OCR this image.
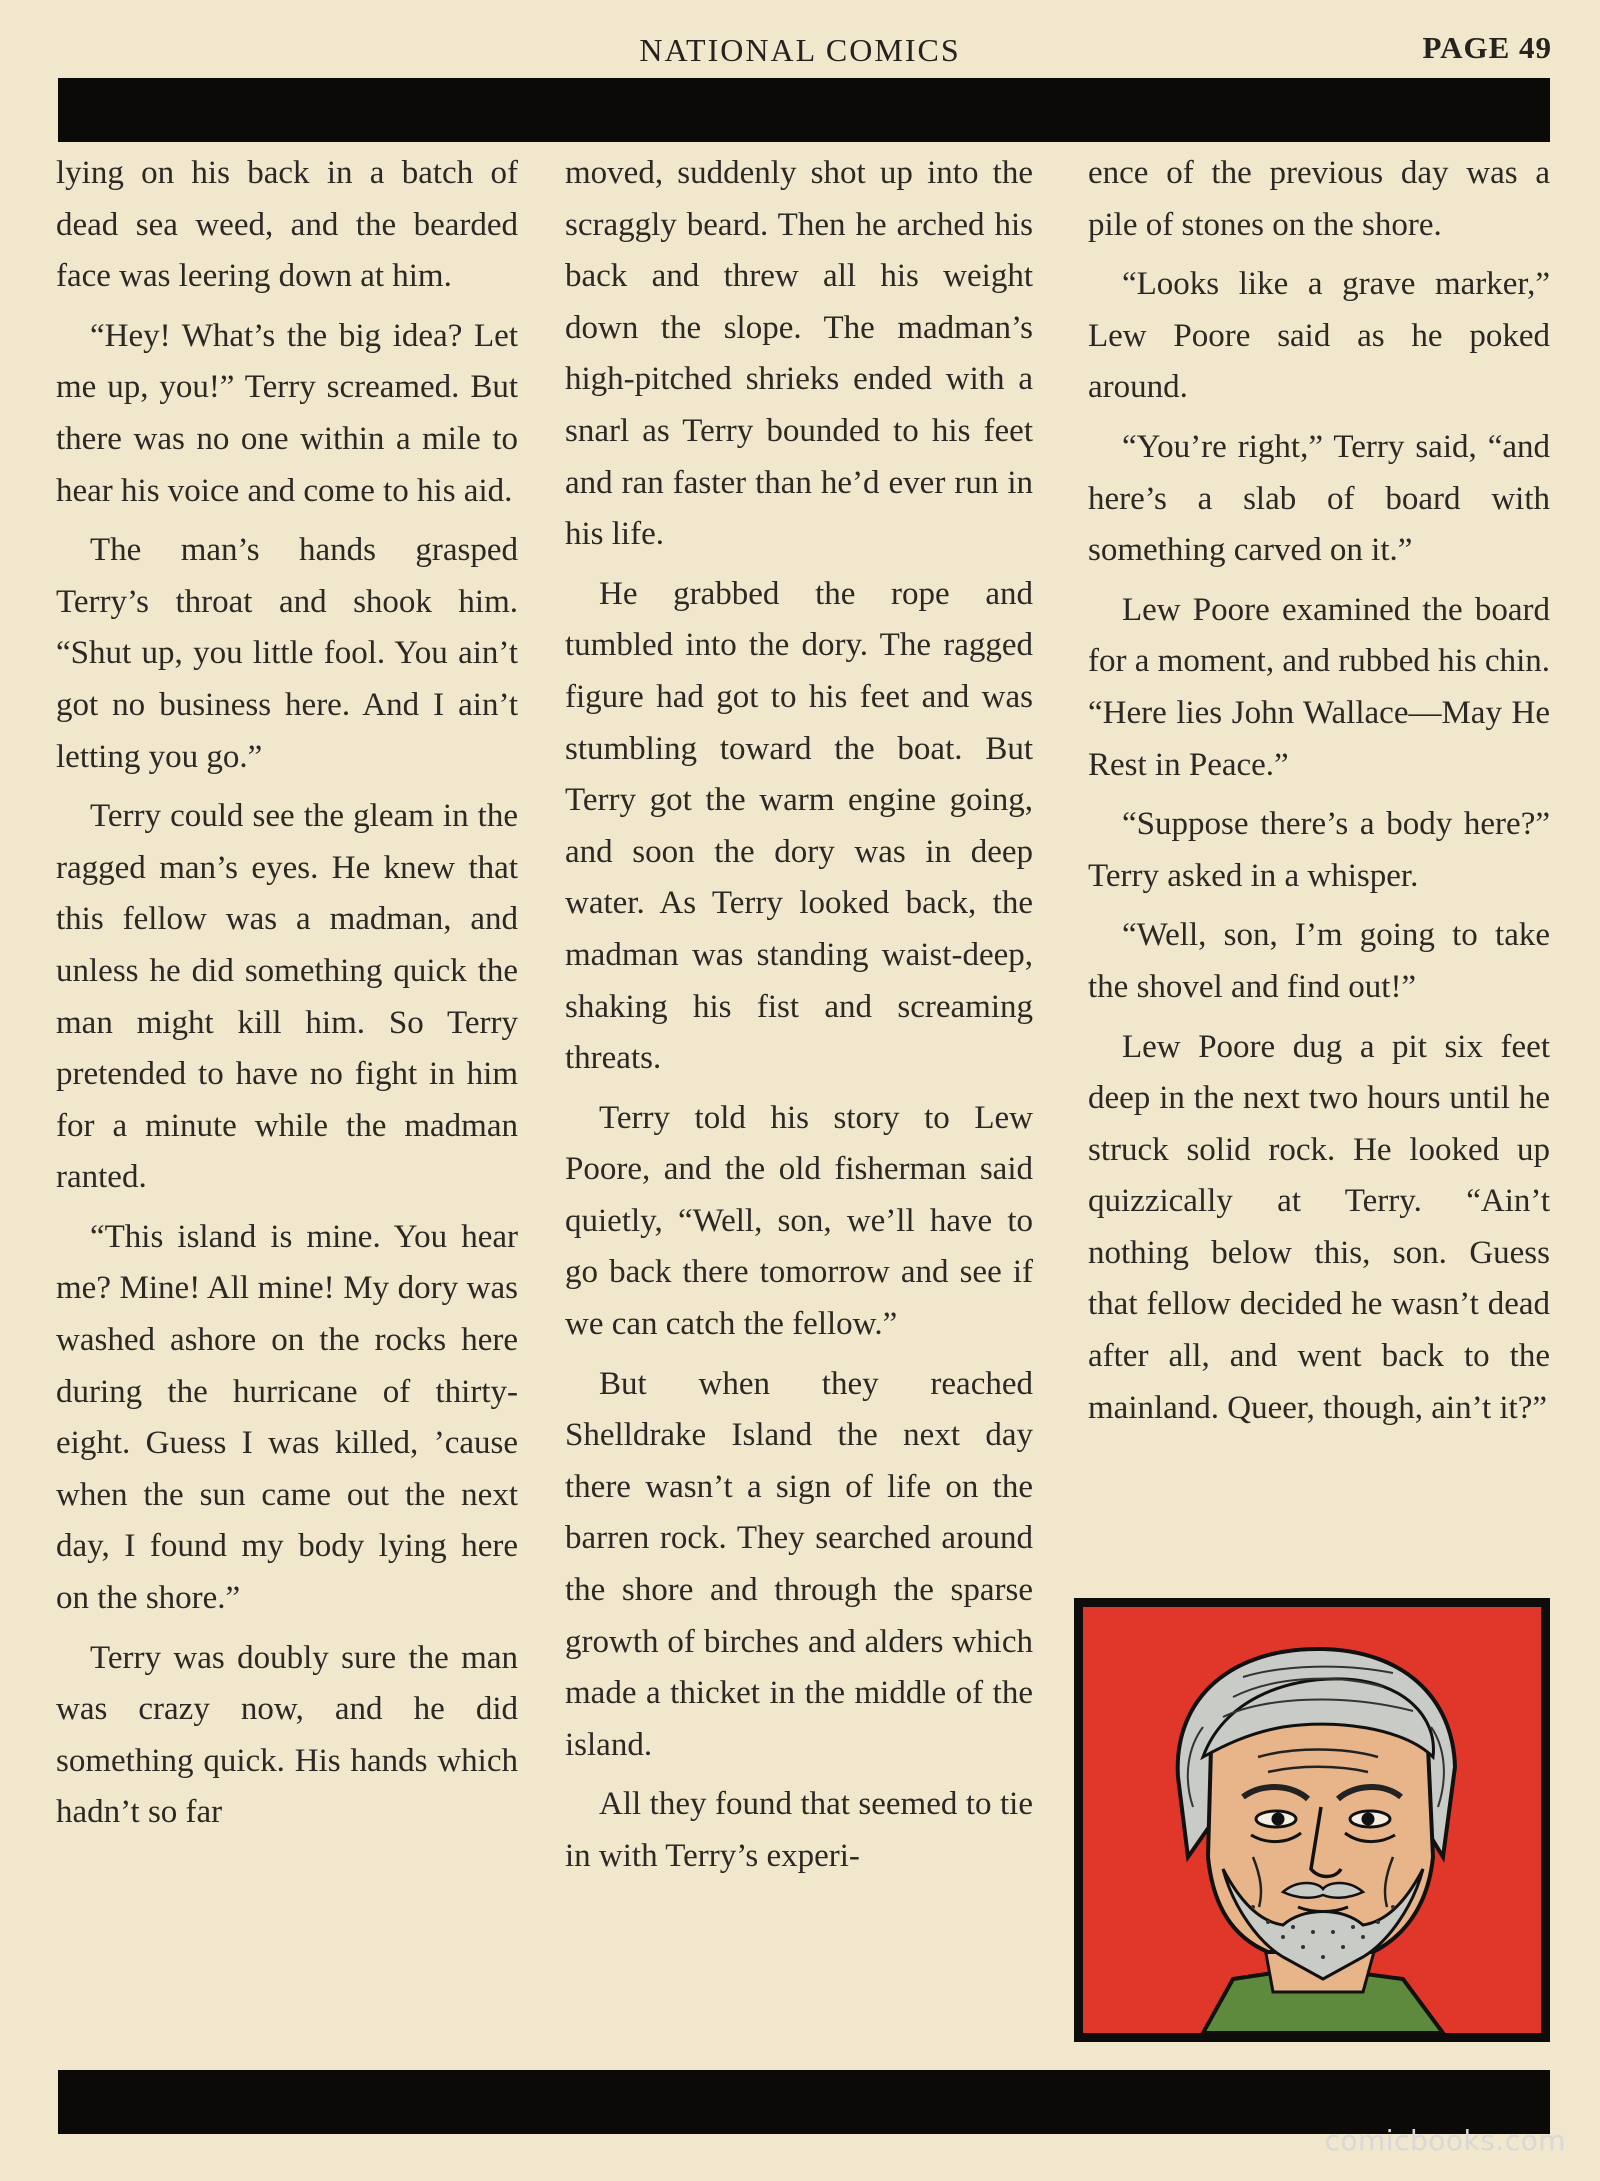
NATIONAL COMICS	PAGE 49

lying on his back in a batch of dead sea weed, and the bearded face was leering down at him.

“Hey! What’s the big idea? Let me up, you!” Terry screamed. But there was no one within a mile to hear his voice and come to his aid.

The man’s hands grasped Terry’s throat and shook him. “Shut up, you little fool. You ain’t got no business here. And I ain’t letting you go.”

Terry could see the gleam in the ragged man’s eyes. He knew that this fellow was a madman, and unless he did something quick the man might kill him. So Terry pretended to have no fight in him for a minute while the madman ranted.

“This island is mine. You hear me? Mine! All mine! My dory was washed ashore on the rocks here during the hurricane of thirty-eight. Guess I was killed, ’cause when the sun came out the next day, I found my body lying here on the shore.”

Terry was doubly sure the man was crazy now, and he did something quick. His hands which hadn’t so far

moved, suddenly shot up into the scraggly beard. Then he arched his back and threw all his weight down the slope. The madman’s high-pitched shrieks ended with a snarl as Terry bounded to his feet and ran faster than he’d ever run in his life.

He grabbed the rope and tumbled into the dory. The ragged figure had got to his feet and was stumbling toward the boat. But Terry got the warm engine going, and soon the dory was in deep water. As Terry looked back, the madman was standing waist-deep, shaking his fist and screaming threats.

Terry told his story to Lew Poore, and the old fisherman said quietly, “Well, son, we’ll have to go back there tomorrow and see if we can catch the fellow.”

But when they reached Shelldrake Island the next day there wasn’t a sign of life on the barren rock. They searched around the shore and through the sparse growth of birches and alders which made a thicket in the middle of the island.

All they found that seemed to tie in with Terry’s experi-

ence of the previous day was a pile of stones on the shore.

“Looks like a grave marker,” Lew Poore said as he poked around.

“You’re right,” Terry said, “and here’s a slab of board with something carved on it.”

Lew Poore examined the board for a moment, and rubbed his chin. “Here lies John Wallace—May He Rest in Peace.”

“Suppose there’s a body here?” Terry asked in a whisper.

“Well, son, I’m going to take the shovel and find out!”

Lew Poore dug a pit six feet deep in the next two hours until he struck solid rock. He looked up quizzically at Terry. “Ain’t nothing below this, son. Guess that fellow decided he wasn’t dead after all, and went back to the mainland. Queer, though, ain’t it?”

comicbooks.com
